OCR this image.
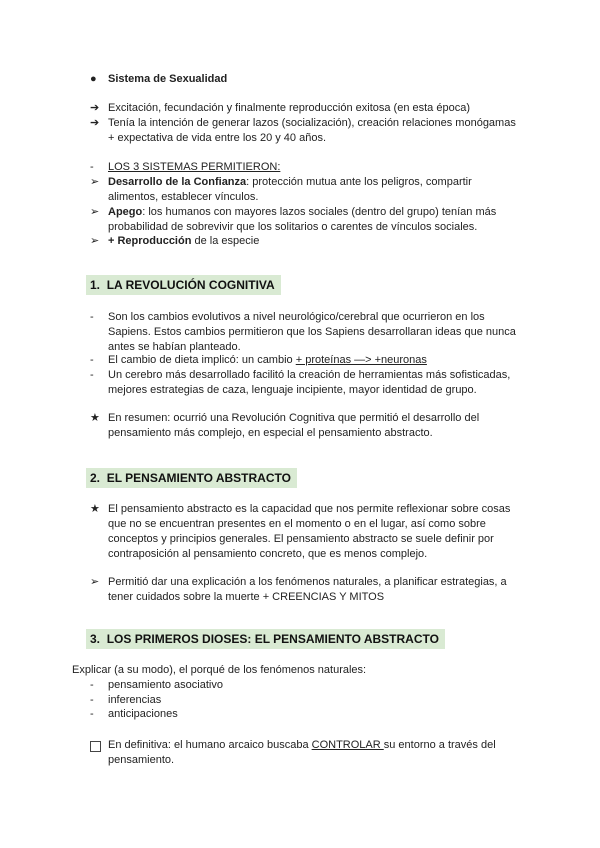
●	Sistema de Sexualidad
➔ Excitación, fecundación y finalmente reproducción exitosa (en esta época)
➔ Tenía la intención de generar lazos (socialización), creación relaciones monógamas
+ expectativa de vida entre los 20 y 40 años.
-	LOS 3 SISTEMAS PERMITIERON:
➢ Desarrollo de la Confianza: protección mutua ante los peligros, compartir
alimentos, establecer vínculos.
➢ Apego: los humanos con mayores lazos sociales (dentro del grupo) tenían más
probabilidad de sobrevivir que los solitarios o carentes de vínculos sociales.
➢ + Reproducción de la especie
1. LA REVOLUCIÓN COGNITIVA
-	Son los cambios evolutivos a nivel neurológico/cerebral que ocurrieron en los
Sapiens. Estos cambios permitieron que los Sapiens desarrollaran ideas que nunca
antes se habían planteado.
-	El cambio de dieta implicó: un cambio + proteínas —> +neuronas
-	Un cerebro más desarrollado facilitó la creación de herramientas más sofisticadas,
mejores estrategias de caza, lenguaje incipiente, mayor identidad de grupo.
★ En resumen: ocurrió una Revolución Cognitiva que permitió el desarrollo del
pensamiento más complejo, en especial el pensamiento abstracto.
2. EL PENSAMIENTO ABSTRACTO
★ El pensamiento abstracto es la capacidad que nos permite reflexionar sobre cosas
que no se encuentran presentes en el momento o en el lugar, así como sobre
conceptos y principios generales. El pensamiento abstracto se suele definir por
contraposición al pensamiento concreto, que es menos complejo.
➢ Permitió dar una explicación a los fenómenos naturales, a planificar estrategias, a
tener cuidados sobre la muerte + CREENCIAS Y MITOS
3. LOS PRIMEROS DIOSES: EL PENSAMIENTO ABSTRACTO
Explicar (a su modo), el porqué de los fenómenos naturales:
-	pensamiento asociativo
-	inferencias
-	anticipaciones
En definitiva: el humano arcaico buscaba CONTROLAR su entorno a través del
pensamiento.
